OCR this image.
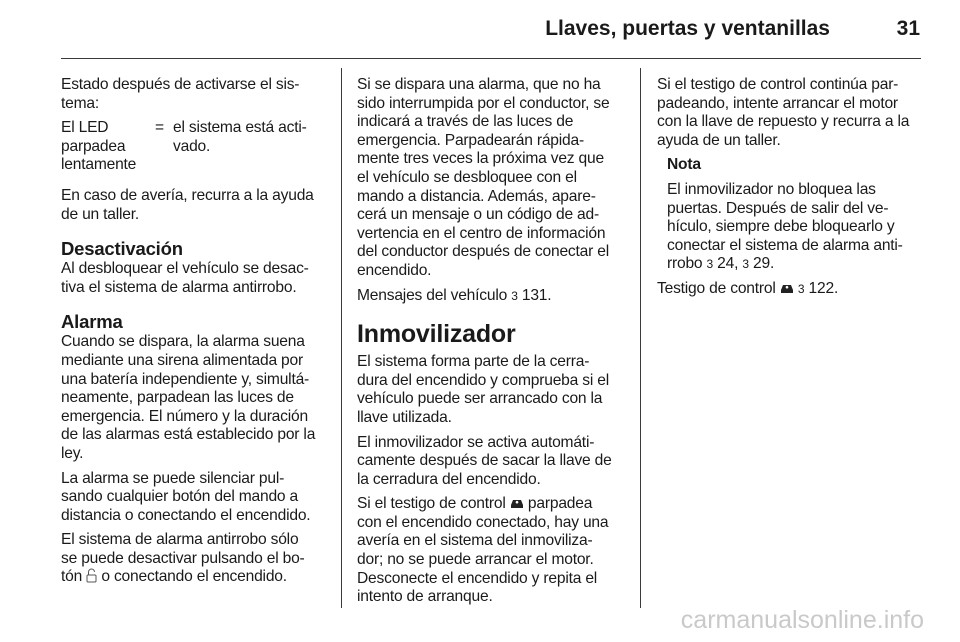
Llaves, puertas y ventanillas	31

Estado después de activarse el sis-
tema:

El LED
parpadea
lentamente
= el sistema está acti-
vado.

En caso de avería, recurra a la ayuda
de un taller.

Desactivación

Al desbloquear el vehículo se desac-
tiva el sistema de alarma antirrobo.

Alarma

Cuando se dispara, la alarma suena
mediante una sirena alimentada por
una batería independiente y, simultá-
neamente, parpadean las luces de
emergencia. El número y la duración
de las alarmas está establecido por la
ley.

La alarma se puede silenciar pul-
sando cualquier botón del mando a
distancia o conectando el encendido.

El sistema de alarma antirrobo sólo
se puede desactivar pulsando el bo-
tón o conectando el encendido.

Si se dispara una alarma, que no ha
sido interrumpida por el conductor, se
indicará a través de las luces de
emergencia. Parpadearán rápida-
mente tres veces la próxima vez que
el vehículo se desbloquee con el
mando a distancia. Además, apare-
cerá un mensaje o un código de ad-
vertencia en el centro de información
del conductor después de conectar el
encendido.

Mensajes del vehículo 3 131.

Inmovilizador

El sistema forma parte de la cerra-
dura del encendido y comprueba si el
vehículo puede ser arrancado con la
llave utilizada.

El inmovilizador se activa automáti-
camente después de sacar la llave de
la cerradura del encendido.

Si el testigo de control parpadea
con el encendido conectado, hay una
avería en el sistema del inmoviliza-
dor; no se puede arrancar el motor.
Desconecte el encendido y repita el
intento de arranque.

Si el testigo de control continúa par-
padeando, intente arrancar el motor
con la llave de repuesto y recurra a la
ayuda de un taller.

Nota

El inmovilizador no bloquea las
puertas. Después de salir del ve-
hículo, siempre debe bloquearlo y
conectar el sistema de alarma anti-
rrobo 3 24, 3 29.

Testigo de control 3 122.

carmanualsonline.info
